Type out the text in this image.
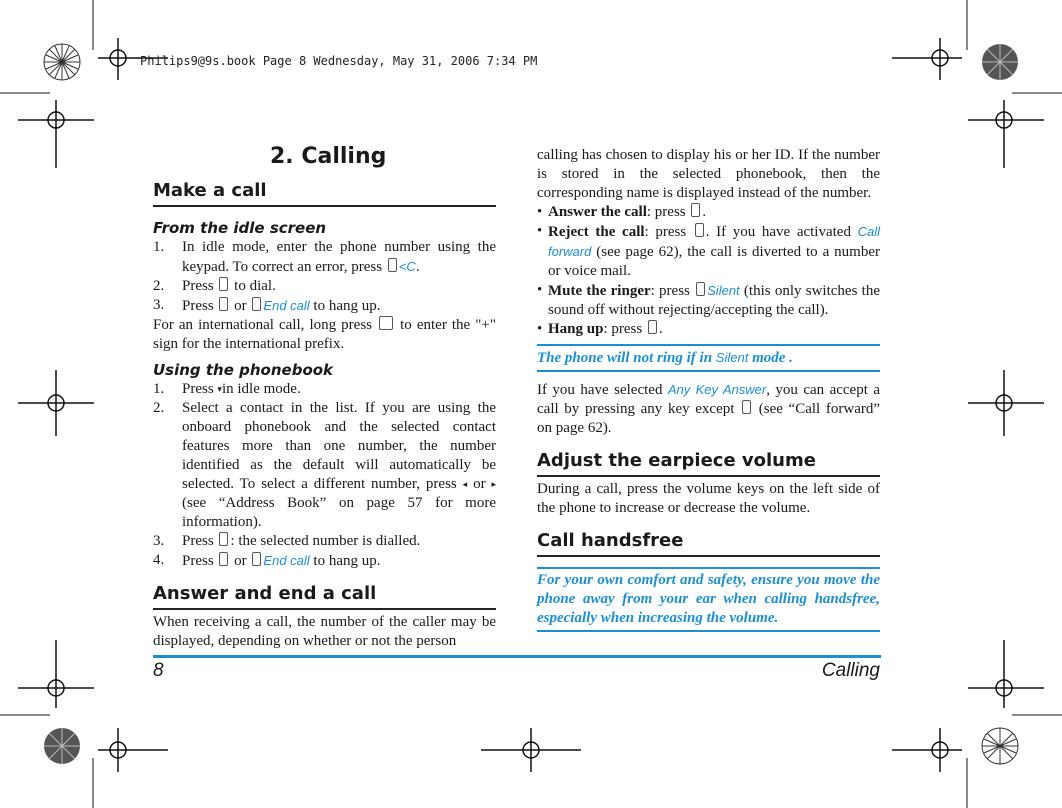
Philips9@9s.book Page 8 Wednesday, May 31, 2006 7:34 PM
2. Calling
Make a call
From the idle screen
1.	In idle mode, enter the phone number using the keypad. To correct an error, press <C.
2.	Press  to dial.
3.	Press  or End call to hang up.

For an international call, long press  to enter the "+" sign for the international prefix.

Using the phonebook
1.	Press ▾in idle mode.
2.	Select a contact in the list. If you are using the onboard phonebook and the selected contact features more than one number, the number identified as the default will automatically be selected. To select a different number, press ◂ or ▸ (see “Address Book” on page 57 for more information).
3.	Press : the selected number is dialled.
4.	Press  or End call to hang up.
Answer and end a call

When receiving a call, the number of the caller may be displayed, depending on whether or not the person

calling has chosen to display his or her ID. If the number is stored in the selected phonebook, then the corresponding name is displayed instead of the number.

• Answer the call: press .
• Reject the call: press . If you have activated Call forward (see page 62), the call is diverted to a number or voice mail.
• Mute the ringer: press Silent (this only switches the sound off without rejecting/accepting the call).
• Hang up: press .

The phone will not ring if in Silent mode .

If you have selected Any Key Answer, you can accept a call by pressing any key except  (see “Call forward” on page 62).

Adjust the earpiece volume

During a call, press the volume keys on the left side of the phone to increase or decrease the volume.

Call handsfree

For your own comfort and safety, ensure you move the phone away from your ear when calling handsfree, especially when increasing the volume.

8	Calling
